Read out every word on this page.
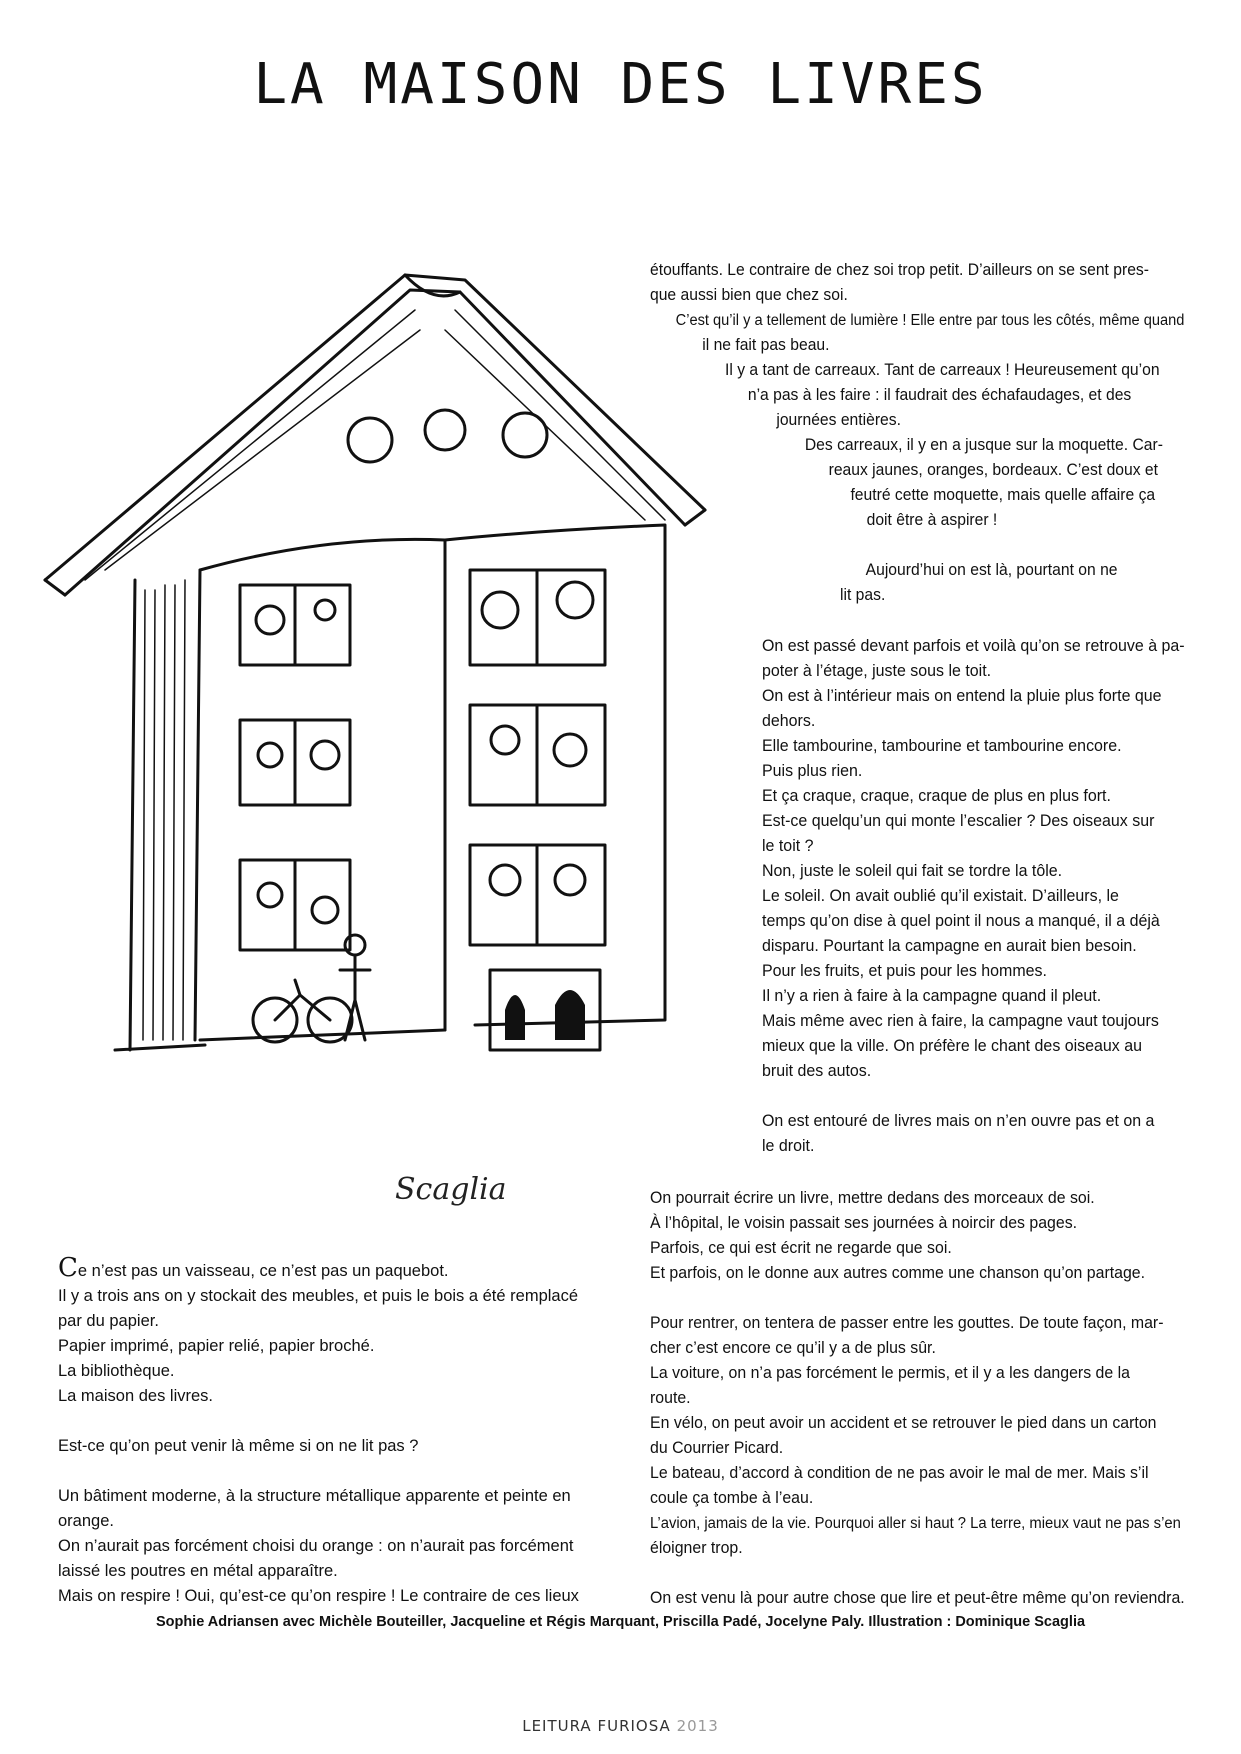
LA MAISON DES LIVRES
Scaglia
étouffants. Le contraire de chez soi trop petit. D’ailleurs on se sent pres-
que aussi bien que chez soi.
C’est qu’il y a tellement de lumière ! Elle entre par tous les côtés, même quand
il ne fait pas beau.
Il y a tant de carreaux. Tant de carreaux ! Heureusement qu’on
n’a pas à les faire : il faudrait des échafaudages, et des
journées entières.
Des carreaux, il y en a jusque sur la moquette. Car-
reaux jaunes, oranges, bordeaux. C’est doux et
feutré cette moquette, mais quelle affaire ça
doit être à aspirer !
Aujourd’hui on est là, pourtant on ne
lit pas.
On est passé devant parfois et voilà qu’on se retrouve à pa-
poter à l’étage, juste sous le toit.
On est à l’intérieur mais on entend la pluie plus forte que
dehors.
Elle tambourine, tambourine et tambourine encore.
Puis plus rien.
Et ça craque, craque, craque de plus en plus fort.
Est-ce quelqu’un qui monte l’escalier ? Des oiseaux sur
le toit ?
Non, juste le soleil qui fait se tordre la tôle.
Le soleil. On avait oublié qu’il existait. D’ailleurs, le
temps qu’on dise à quel point il nous a manqué, il a déjà
disparu. Pourtant la campagne en aurait bien besoin.
Pour les fruits, et puis pour les hommes.
Il n’y a rien à faire à la campagne quand il pleut.
Mais même avec rien à faire, la campagne vaut toujours
mieux que la ville. On préfère le chant des oiseaux au
bruit des autos.
On est entouré de livres mais on n’en ouvre pas et on a
le droit.
Ce n’est pas un vaisseau, ce n’est pas un paquebot.
Il y a trois ans on y stockait des meubles, et puis le bois a été remplacé
par du papier.
Papier imprimé, papier relié, papier broché.
La bibliothèque.
La maison des livres.
Est-ce qu’on peut venir là même si on ne lit pas ?
Un bâtiment moderne, à la structure métallique apparente et peinte en
orange.
On n’aurait pas forcément choisi du orange : on n’aurait pas forcément
laissé les poutres en métal apparaître.
Mais on respire ! Oui, qu’est-ce qu’on respire ! Le contraire de ces lieux
On pourrait écrire un livre, mettre dedans des morceaux de soi.
À l’hôpital, le voisin passait ses journées à noircir des pages.
Parfois, ce qui est écrit ne regarde que soi.
Et parfois, on le donne aux autres comme une chanson qu’on partage.
Pour rentrer, on tentera de passer entre les gouttes. De toute façon, mar-
cher c’est encore ce qu’il y a de plus sûr.
La voiture, on n’a pas forcément le permis, et il y a les dangers de la
route.
En vélo, on peut avoir un accident et se retrouver le pied dans un carton
du Courrier Picard.
Le bateau, d’accord à condition de ne pas avoir le mal de mer. Mais s’il
coule ça tombe à l’eau.
L’avion, jamais de la vie. Pourquoi aller si haut ? La terre, mieux vaut ne pas s’en
éloigner trop.
On est venu là pour autre chose que lire et peut-être même qu’on reviendra.
Sophie Adriansen avec Michèle Bouteiller, Jacqueline et Régis Marquant, Priscilla Padé, Jocelyne Paly. Illustration : Dominique Scaglia
LEITURA FURIOSA 2013
